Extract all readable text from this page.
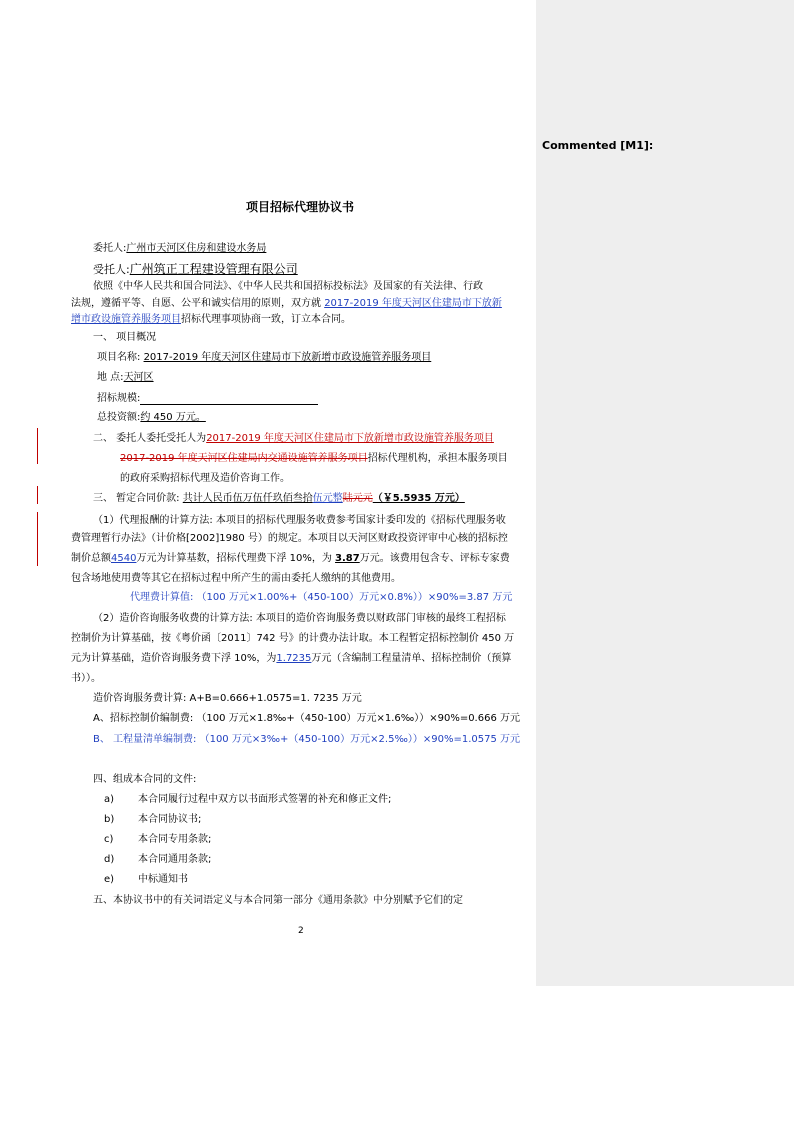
项目招标代理协议书
委托人:广州市天河区住房和建设水务局
受托人:广州筑正工程建设管理有限公司
依照《中华人民共和国合同法》、《中华人民共和国招标投标法》及国家的有关法律、行政
法规，遵循平等、自愿、公平和诚实信用的原则，双方就 2017-2019 年度天河区住建局市下放新
增市政设施管养服务项目招标代理事项协商一致，订立本合同。
一、 项目概况
项目名称: 2017-2019 年度天河区住建局市下放新增市政设施管养服务项目
地 点:天河区
招标规模:
总投资额:约 450 万元。
二、 委托人委托受托人为2017-2019 年度天河区住建局市下放新增市政设施管养服务项目
2017-2019 年度天河区住建局内交通设施管养服务项目招标代理机构，承担本服务项目
的政府采购招标代理及造价咨询工作。
三、 暂定合同价款: 共计人民币伍万伍仟玖佰叁拾伍元整陆元元（￥5.5935 万元）
（1）代理报酬的计算方法: 本项目的招标代理服务收费参考国家计委印发的《招标代理服务收
费管理暂行办法》（计价格[2002]1980 号）的规定。本项目以天河区财政投资评审中心核的招标控
制价总额4540万元为计算基数，招标代理费下浮 10%，为 3.87万元。该费用包含专、评标专家费
包含场地使用费等其它在招标过程中所产生的需由委托人缴纳的其他费用。
代理费计算值: （100 万元×1.00%+（450-100）万元×0.8%））×90%=3.87 万元
（2）造价咨询服务收费的计算方法: 本项目的造价咨询服务费以财政部门审核的最终工程招标
控制价为计算基础，按《粤价函〔2011〕742 号》的计费办法计取。本工程暂定招标控制价 450 万
元为计算基础，造价咨询服务费下浮 10%，为1.7235万元（含编制工程量清单、招标控制价（预算
书））。
造价咨询服务费计算: A+B=0.666+1.0575=1. 7235 万元
A、招标控制价编制费: （100 万元×1.8‰+（450-100）万元×1.6‰））×90%=0.666 万元
B、 工程量清单编制费: （100 万元×3‰+（450-100）万元×2.5‰））×90%=1.0575 万元
四、组成本合同的文件:
a) 本合同履行过程中双方以书面形式签署的补充和修正文件;
b) 本合同协议书;
c) 本合同专用条款;
d) 本合同通用条款;
e) 中标通知书
五、本协议书中的有关词语定义与本合同第一部分《通用条款》中分别赋予它们的定
2
Commented [M1]:
